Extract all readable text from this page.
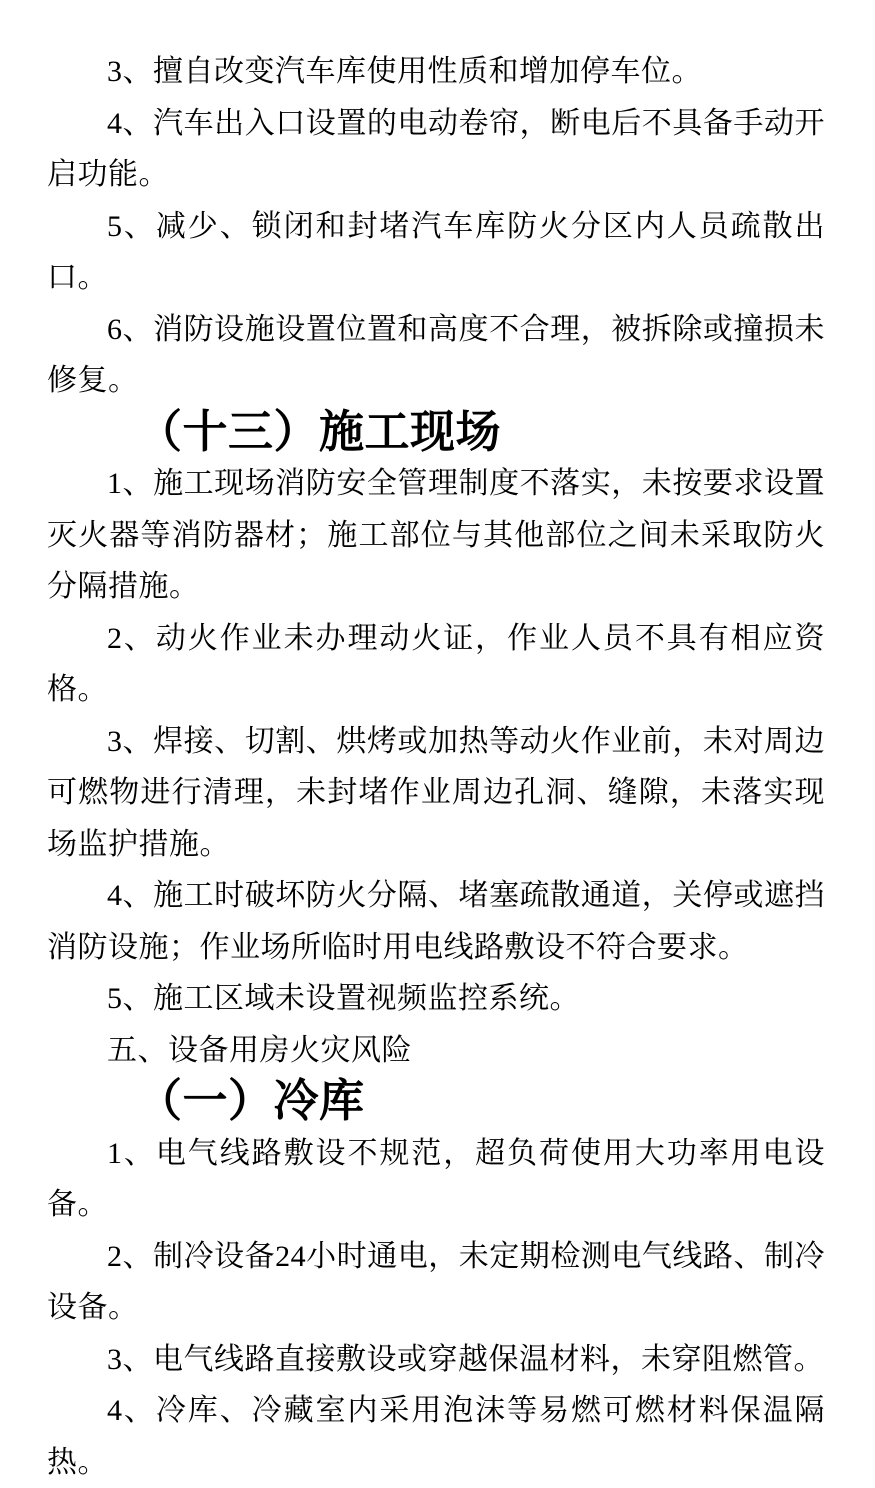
3、擅自改变汽车库使用性质和增加停车位。

4、汽车出入口设置的电动卷帘，断电后不具备手动开启功能。

5、减少、锁闭和封堵汽车库防火分区内人员疏散出口。

6、消防设施设置位置和高度不合理，被拆除或撞损未修复。

（十三）施工现场

1、施工现场消防安全管理制度不落实，未按要求设置灭火器等消防器材；施工部位与其他部位之间未采取防火分隔措施。

2、动火作业未办理动火证，作业人员不具有相应资格。

3、焊接、切割、烘烤或加热等动火作业前，未对周边可燃物进行清理，未封堵作业周边孔洞、缝隙，未落实现场监护措施。

4、施工时破坏防火分隔、堵塞疏散通道，关停或遮挡消防设施；作业场所临时用电线路敷设不符合要求。

5、施工区域未设置视频监控系统。

五、设备用房火灾风险

（一）冷库

1、电气线路敷设不规范，超负荷使用大功率用电设备。

2、制冷设备24小时通电，未定期检测电气线路、制冷设备。

3、电气线路直接敷设或穿越保温材料，未穿阻燃管。

4、冷库、冷藏室内采用泡沫等易燃可燃材料保温隔热。
